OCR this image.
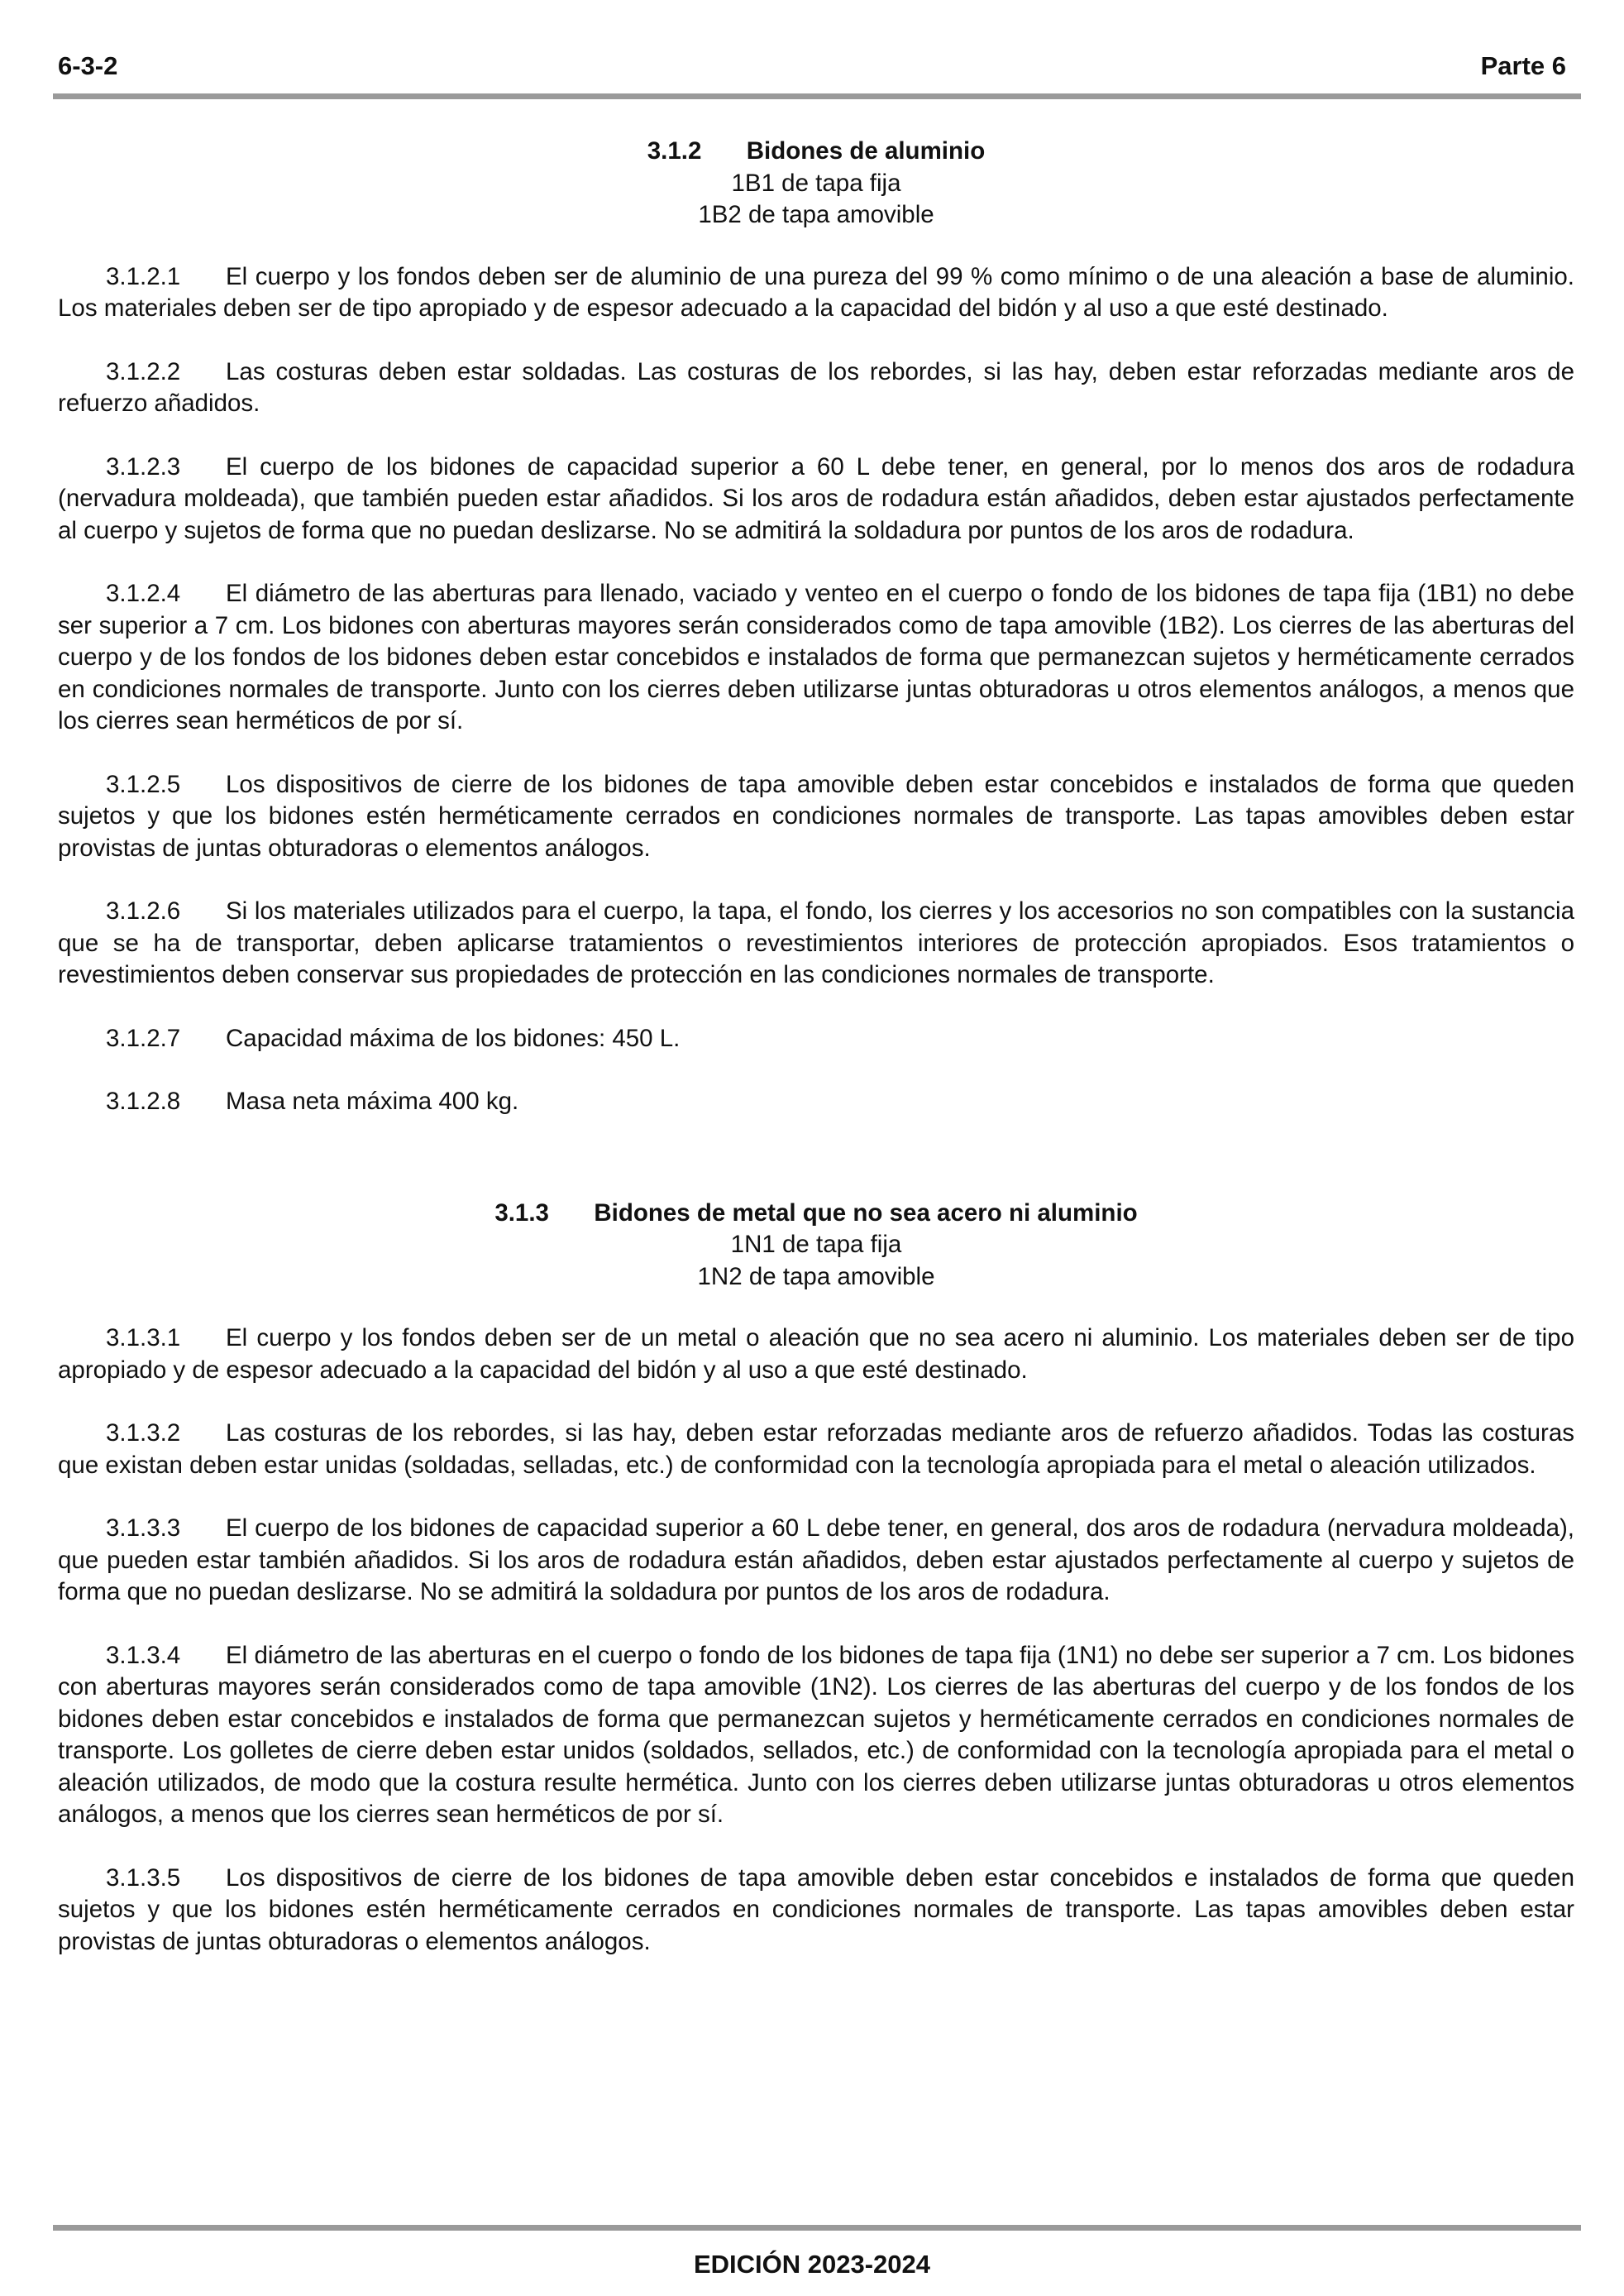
6-3-2	Parte 6
3.1.2 Bidones de aluminio
1B1 de tapa fija
1B2 de tapa amovible

3.1.2.1 El cuerpo y los fondos deben ser de aluminio de una pureza del 99 % como mínimo o de una aleación a base de aluminio. Los materiales deben ser de tipo apropiado y de espesor adecuado a la capacidad del bidón y al uso a que esté destinado.

3.1.2.2 Las costuras deben estar soldadas. Las costuras de los rebordes, si las hay, deben estar reforzadas mediante aros de refuerzo añadidos.

3.1.2.3 El cuerpo de los bidones de capacidad superior a 60 L debe tener, en general, por lo menos dos aros de rodadura (nervadura moldeada), que también pueden estar añadidos. Si los aros de rodadura están añadidos, deben estar ajustados perfectamente al cuerpo y sujetos de forma que no puedan deslizarse. No se admitirá la soldadura por puntos de los aros de rodadura.

3.1.2.4 El diámetro de las aberturas para llenado, vaciado y venteo en el cuerpo o fondo de los bidones de tapa fija (1B1) no debe ser superior a 7 cm. Los bidones con aberturas mayores serán considerados como de tapa amovible (1B2). Los cierres de las aberturas del cuerpo y de los fondos de los bidones deben estar concebidos e instalados de forma que permanezcan sujetos y herméticamente cerrados en condiciones normales de transporte. Junto con los cierres deben utilizarse juntas obturadoras u otros elementos análogos, a menos que los cierres sean herméticos de por sí.

3.1.2.5 Los dispositivos de cierre de los bidones de tapa amovible deben estar concebidos e instalados de forma que queden sujetos y que los bidones estén herméticamente cerrados en condiciones normales de transporte. Las tapas amovibles deben estar provistas de juntas obturadoras o elementos análogos.

3.1.2.6 Si los materiales utilizados para el cuerpo, la tapa, el fondo, los cierres y los accesorios no son compatibles con la sustancia que se ha de transportar, deben aplicarse tratamientos o revestimientos interiores de protección apropiados. Esos tratamientos o revestimientos deben conservar sus propiedades de protección en las condiciones normales de transporte.

3.1.2.7 Capacidad máxima de los bidones: 450 L.

3.1.2.8 Masa neta máxima 400 kg.

3.1.3 Bidones de metal que no sea acero ni aluminio
1N1 de tapa fija
1N2 de tapa amovible

3.1.3.1 El cuerpo y los fondos deben ser de un metal o aleación que no sea acero ni aluminio. Los materiales deben ser de tipo apropiado y de espesor adecuado a la capacidad del bidón y al uso a que esté destinado.

3.1.3.2 Las costuras de los rebordes, si las hay, deben estar reforzadas mediante aros de refuerzo añadidos. Todas las costuras que existan deben estar unidas (soldadas, selladas, etc.) de conformidad con la tecnología apropiada para el metal o aleación utilizados.

3.1.3.3 El cuerpo de los bidones de capacidad superior a 60 L debe tener, en general, dos aros de rodadura (nervadura moldeada), que pueden estar también añadidos. Si los aros de rodadura están añadidos, deben estar ajustados perfectamente al cuerpo y sujetos de forma que no puedan deslizarse. No se admitirá la soldadura por puntos de los aros de rodadura.

3.1.3.4 El diámetro de las aberturas en el cuerpo o fondo de los bidones de tapa fija (1N1) no debe ser superior a 7 cm. Los bidones con aberturas mayores serán considerados como de tapa amovible (1N2). Los cierres de las aberturas del cuerpo y de los fondos de los bidones deben estar concebidos e instalados de forma que permanezcan sujetos y herméticamente cerrados en condiciones normales de transporte. Los golletes de cierre deben estar unidos (soldados, sellados, etc.) de conformidad con la tecnología apropiada para el metal o aleación utilizados, de modo que la costura resulte hermética. Junto con los cierres deben utilizarse juntas obturadoras u otros elementos análogos, a menos que los cierres sean herméticos de por sí.

3.1.3.5 Los dispositivos de cierre de los bidones de tapa amovible deben estar concebidos e instalados de forma que queden sujetos y que los bidones estén herméticamente cerrados en condiciones normales de transporte. Las tapas amovibles deben estar provistas de juntas obturadoras o elementos análogos.

EDICIÓN 2023-2024
